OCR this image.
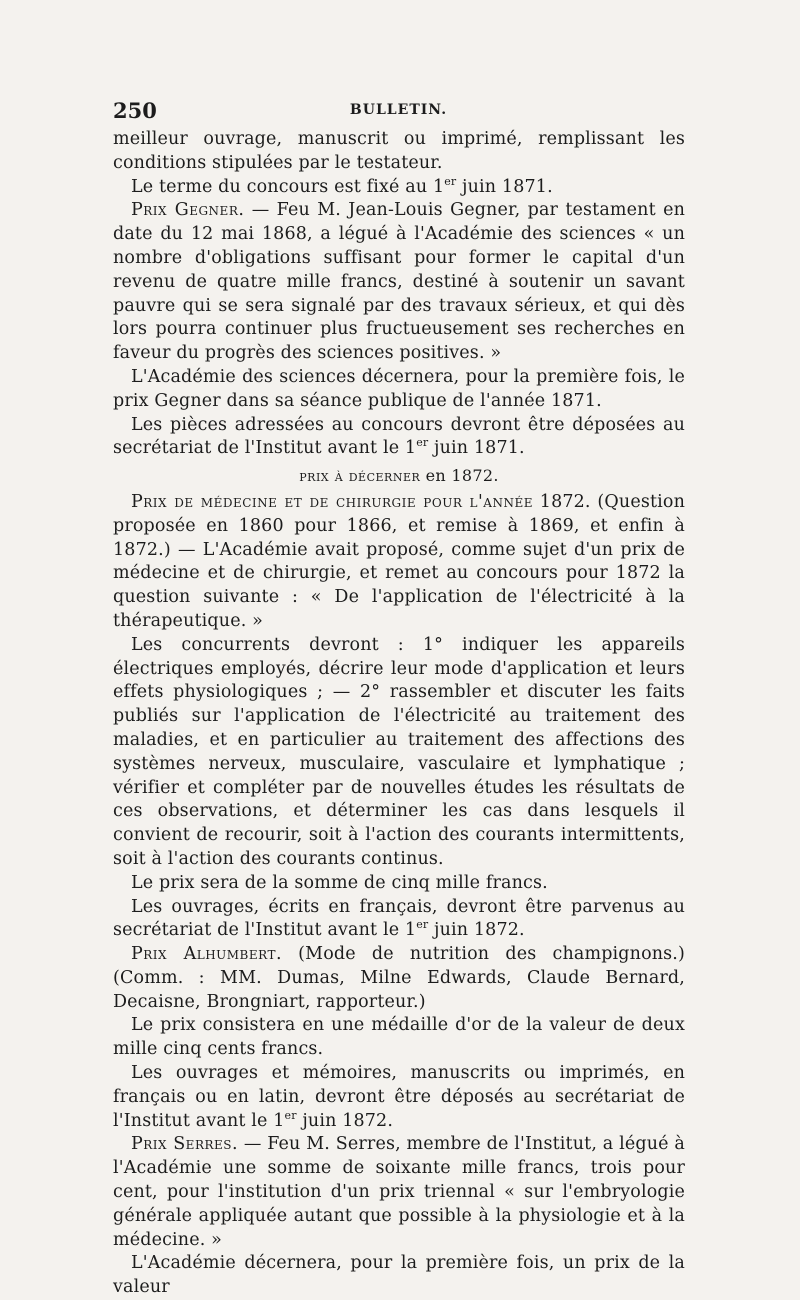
250	BULLETIN.

meilleur ouvrage, manuscrit ou imprimé, remplissant les conditions stipulées par le testateur.

Le terme du concours est fixé au 1er juin 1871.

Prix Gegner. — Feu M. Jean-Louis Gegner, par testament en date du 12 mai 1868, a légué à l'Académie des sciences « un nombre d'obligations suffisant pour former le capital d'un revenu de quatre mille francs, destiné à soutenir un savant pauvre qui se sera signalé par des travaux sérieux, et qui dès lors pourra continuer plus fructueusement ses recherches en faveur du progrès des sciences positives. »

L'Académie des sciences décernera, pour la première fois, le prix Gegner dans sa séance publique de l'année 1871.

Les pièces adressées au concours devront être déposées au secrétariat de l'Institut avant le 1er juin 1871.

prix à décerner en 1872.

Prix de médecine et de chirurgie pour l'année 1872. (Question proposée en 1860 pour 1866, et remise à 1869, et enfin à 1872.) — L'Académie avait proposé, comme sujet d'un prix de médecine et de chirurgie, et remet au concours pour 1872 la question suivante : « De l'application de l'électricité à la thérapeutique. »

Les concurrents devront : 1° indiquer les appareils électriques employés, décrire leur mode d'application et leurs effets physiologiques ; — 2° rassembler et discuter les faits publiés sur l'application de l'électricité au traitement des maladies, et en particulier au traitement des affections des systèmes nerveux, musculaire, vasculaire et lymphatique ; vérifier et compléter par de nouvelles études les résultats de ces observations, et déterminer les cas dans lesquels il convient de recourir, soit à l'action des courants intermittents, soit à l'action des courants continus.

Le prix sera de la somme de cinq mille francs.

Les ouvrages, écrits en français, devront être parvenus au secrétariat de l'Institut avant le 1er juin 1872.

Prix Alhumbert. (Mode de nutrition des champignons.) (Comm. : MM. Dumas, Milne Edwards, Claude Bernard, Decaisne, Brongniart, rapporteur.)

Le prix consistera en une médaille d'or de la valeur de deux mille cinq cents francs.

Les ouvrages et mémoires, manuscrits ou imprimés, en français ou en latin, devront être déposés au secrétariat de l'Institut avant le 1er juin 1872.

Prix Serres. — Feu M. Serres, membre de l'Institut, a légué à l'Académie une somme de soixante mille francs, trois pour cent, pour l'institution d'un prix triennal « sur l'embryologie générale appliquée autant que possible à la physiologie et à la médecine. »

L'Académie décernera, pour la première fois, un prix de la valeur
